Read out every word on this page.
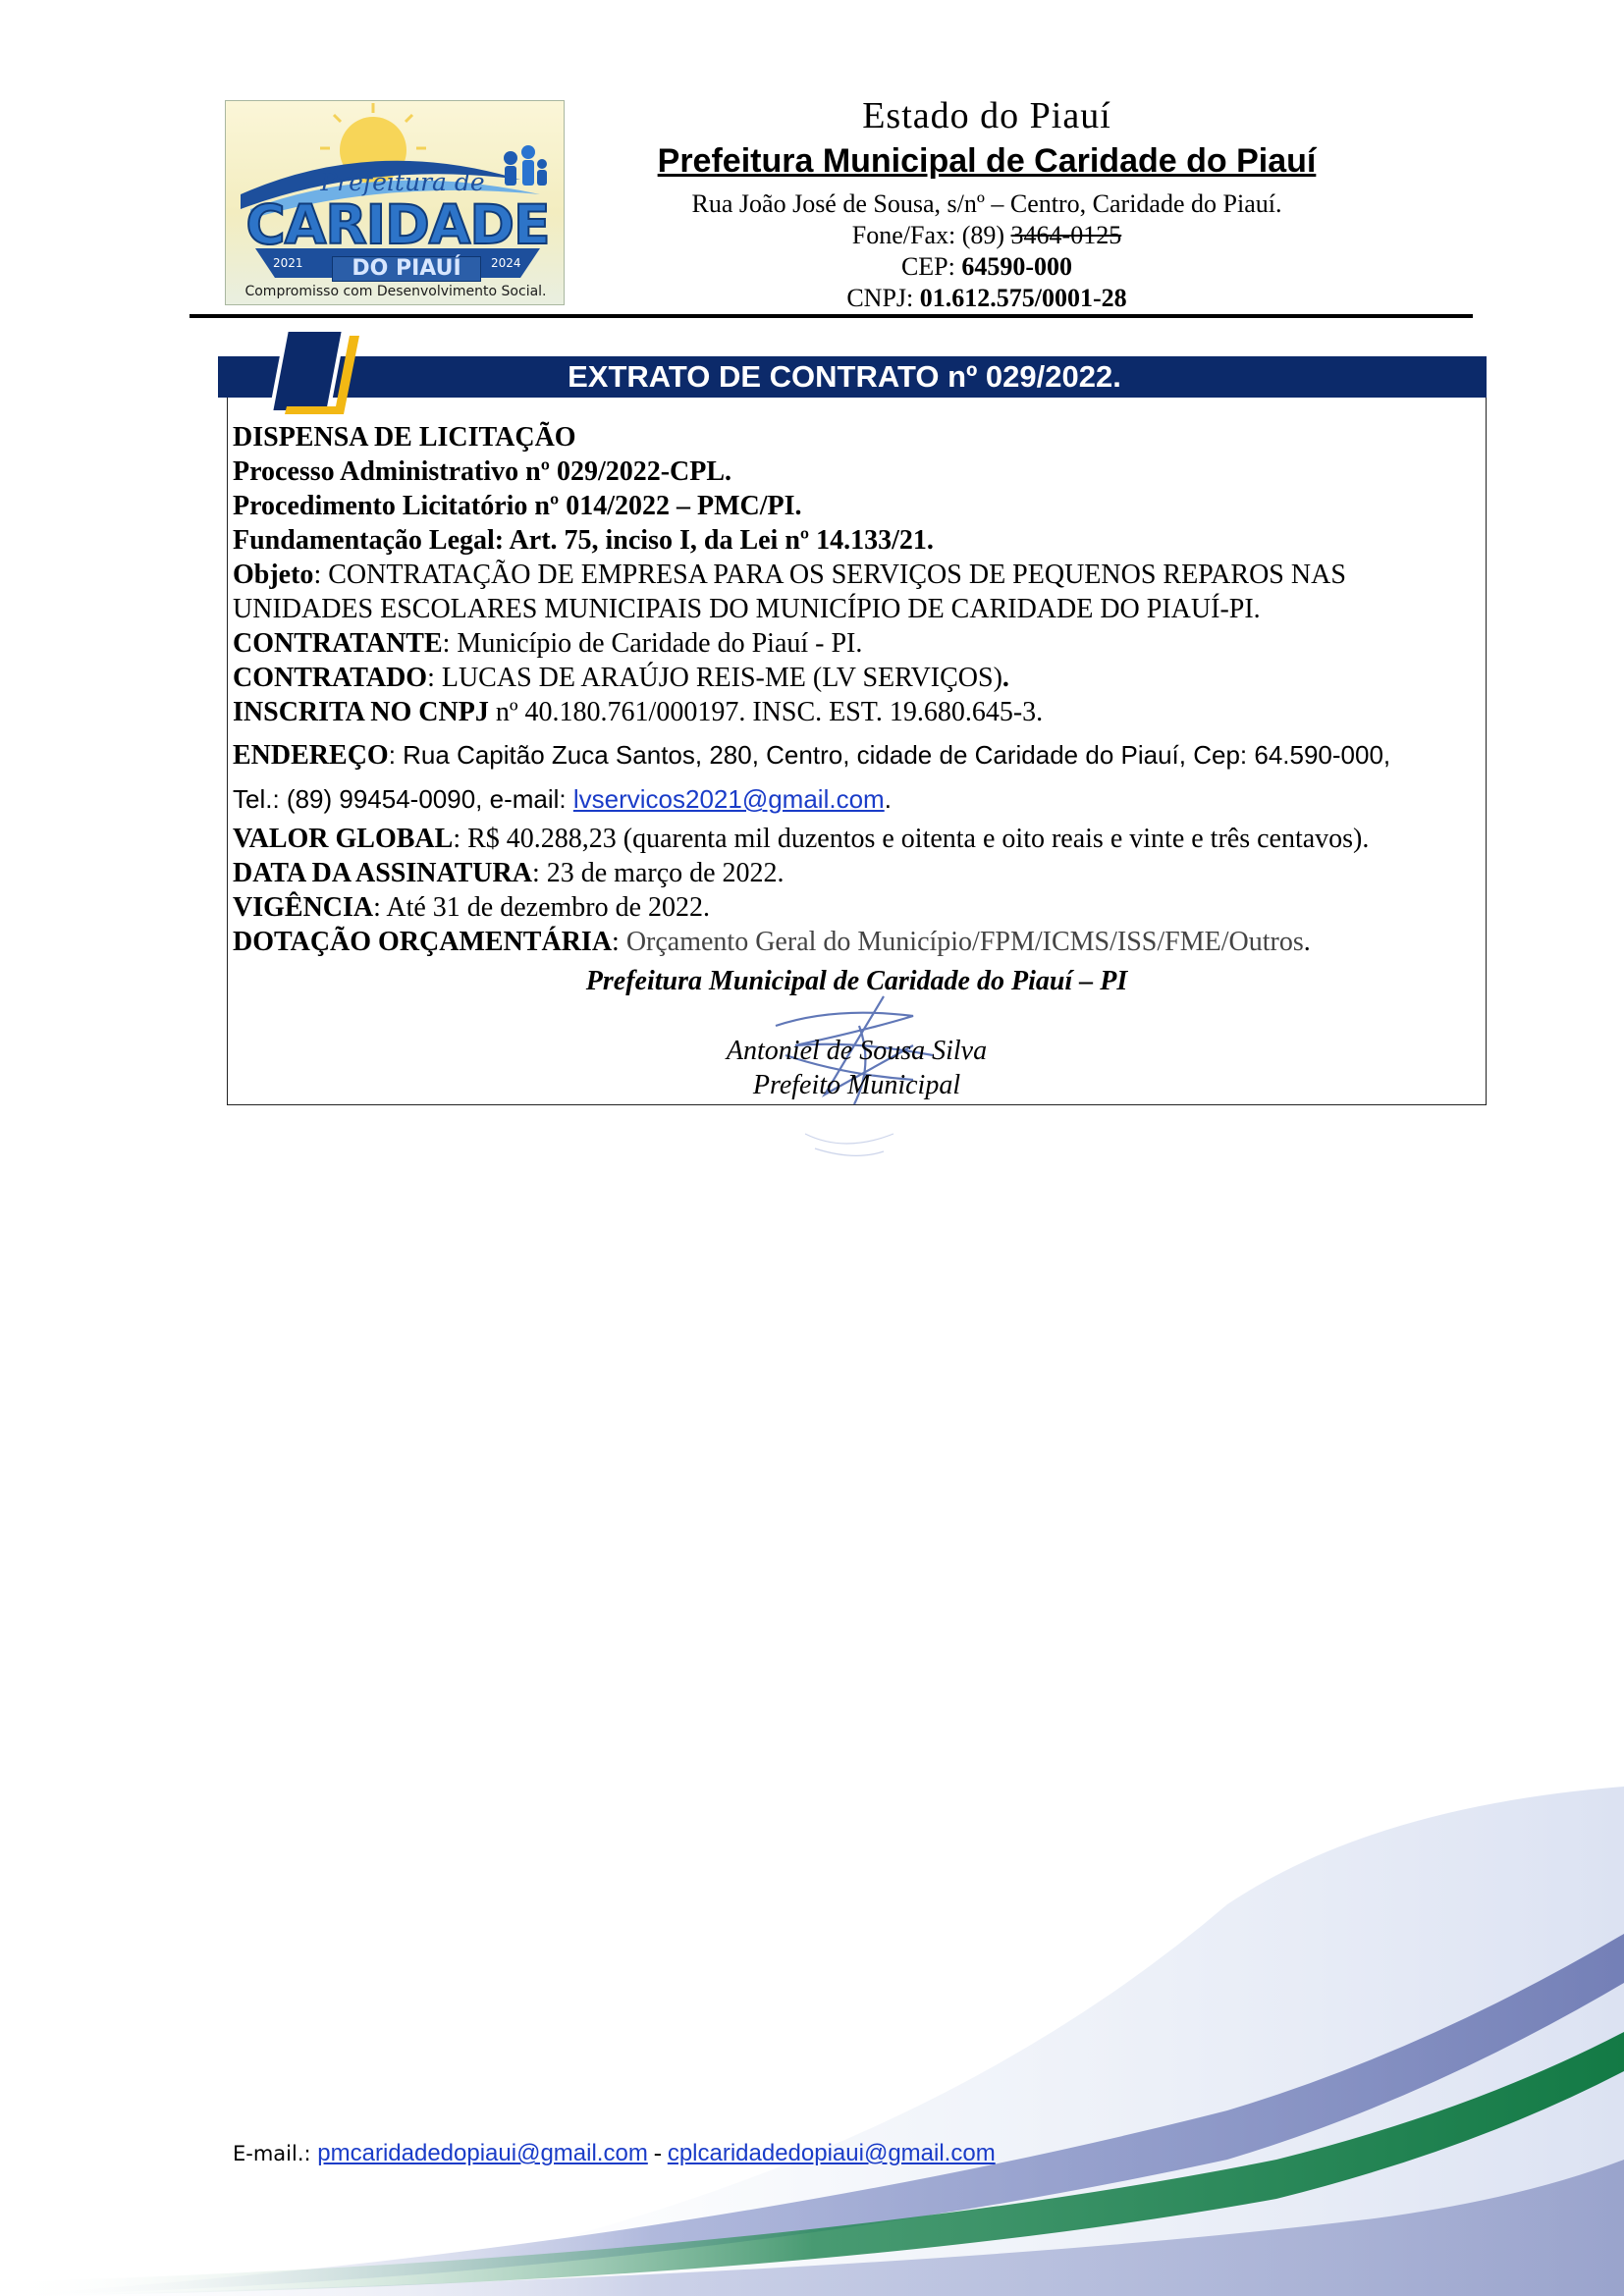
Prefeitura de
CARIDADE
2021	DO PIAUÍ	2024
Compromisso com Desenvolvimento Social.
Estado do Piauí
Prefeitura Municipal de Caridade do Piauí
Rua João José de Sousa, s/nº – Centro, Caridade do Piauí.
Fone/Fax: (89) 3464-0125
CEP: 64590-000
CNPJ: 01.612.575/0001-28
EXTRATO DE CONTRATO nº 029/2022.
DISPENSA DE LICITAÇÃO
Processo Administrativo nº 029/2022-CPL.
Procedimento Licitatório nº 014/2022 – PMC/PI.
Fundamentação Legal: Art. 75, inciso I, da Lei nº 14.133/21.
Objeto: CONTRATAÇÃO DE EMPRESA PARA OS SERVIÇOS DE PEQUENOS REPAROS NAS
UNIDADES ESCOLARES MUNICIPAIS DO MUNICÍPIO DE CARIDADE DO PIAUÍ-PI.
CONTRATANTE: Município de Caridade do Piauí - PI.
CONTRATADO: LUCAS DE ARAÚJO REIS-ME (LV SERVIÇOS).
INSCRITA NO CNPJ nº 40.180.761/000197. INSC. EST. 19.680.645-3.
ENDEREÇO: Rua Capitão Zuca Santos, 280, Centro, cidade de Caridade do Piauí, Cep: 64.590-000,
Tel.: (89) 99454-0090, e-mail: lvservicos2021@gmail.com.
VALOR GLOBAL: R$ 40.288,23 (quarenta mil duzentos e oitenta e oito reais e vinte e três centavos).
DATA DA ASSINATURA: 23 de março de 2022.
VIGÊNCIA: Até 31 de dezembro de 2022.
DOTAÇÃO ORÇAMENTÁRIA: Orçamento Geral do Município/FPM/ICMS/ISS/FME/Outros.
Prefeitura Municipal de Caridade do Piauí – PI
Antoniel de Sousa Silva
Prefeito Municipal
E-mail.: pmcaridadedopiaui@gmail.com - cplcaridadedopiaui@gmail.com
